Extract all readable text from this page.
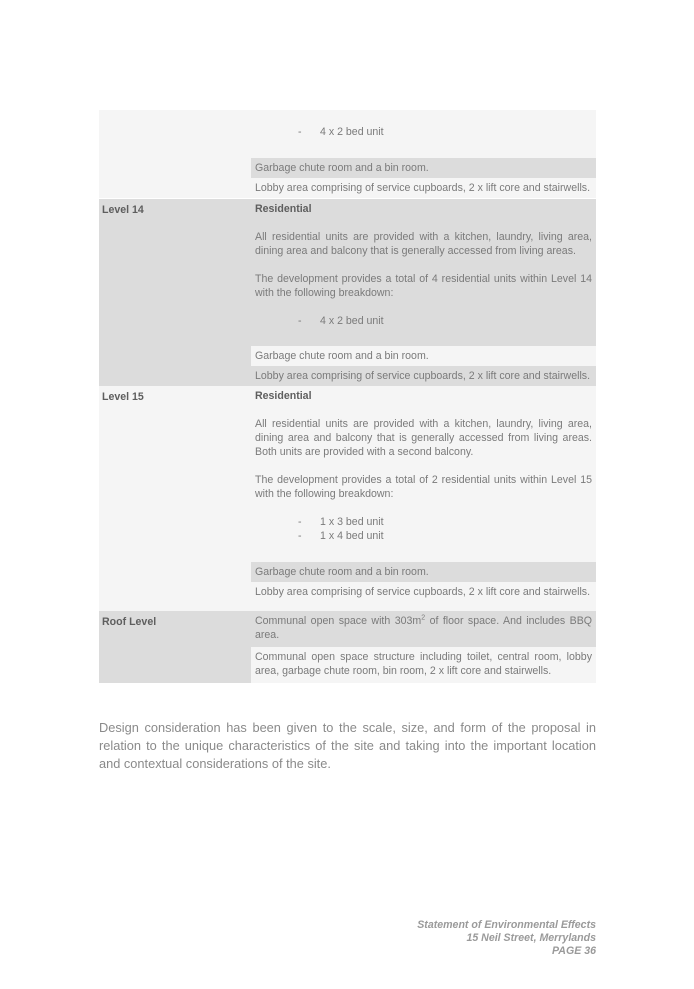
-	4 x 2 bed unit
Garbage chute room and a bin room.
Lobby area comprising of service cupboards, 2 x lift core and stairwells.
Level 14	Residential

All residential units are provided with a kitchen, laundry, living area, dining area and balcony that is generally accessed from living areas.

The development provides a total of 4 residential units within Level 14 with the following breakdown:

-	4 x 2 bed unit
Garbage chute room and a bin room.
Lobby area comprising of service cupboards, 2 x lift core and stairwells.
Level 15	Residential

All residential units are provided with a kitchen, laundry, living area, dining area and balcony that is generally accessed from living areas. Both units are provided with a second balcony.

The development provides a total of 2 residential units within Level 15 with the following breakdown:

-	1 x 3 bed unit
-	1 x 4 bed unit
Garbage chute room and a bin room.
Lobby area comprising of service cupboards, 2 x lift core and stairwells.
Roof Level	Communal open space with $303m^2$ of floor space. And includes BBQ area.

Communal open space structure including toilet, central room, lobby area, garbage chute room, bin room, 2 x lift core and stairwells.

Design consideration has been given to the scale, size, and form of the proposal in relation to the unique characteristics of the site and taking into the important location and contextual considerations of the site.

Statement of Environmental Effects
15 Neil Street, Merrylands
PAGE 36
